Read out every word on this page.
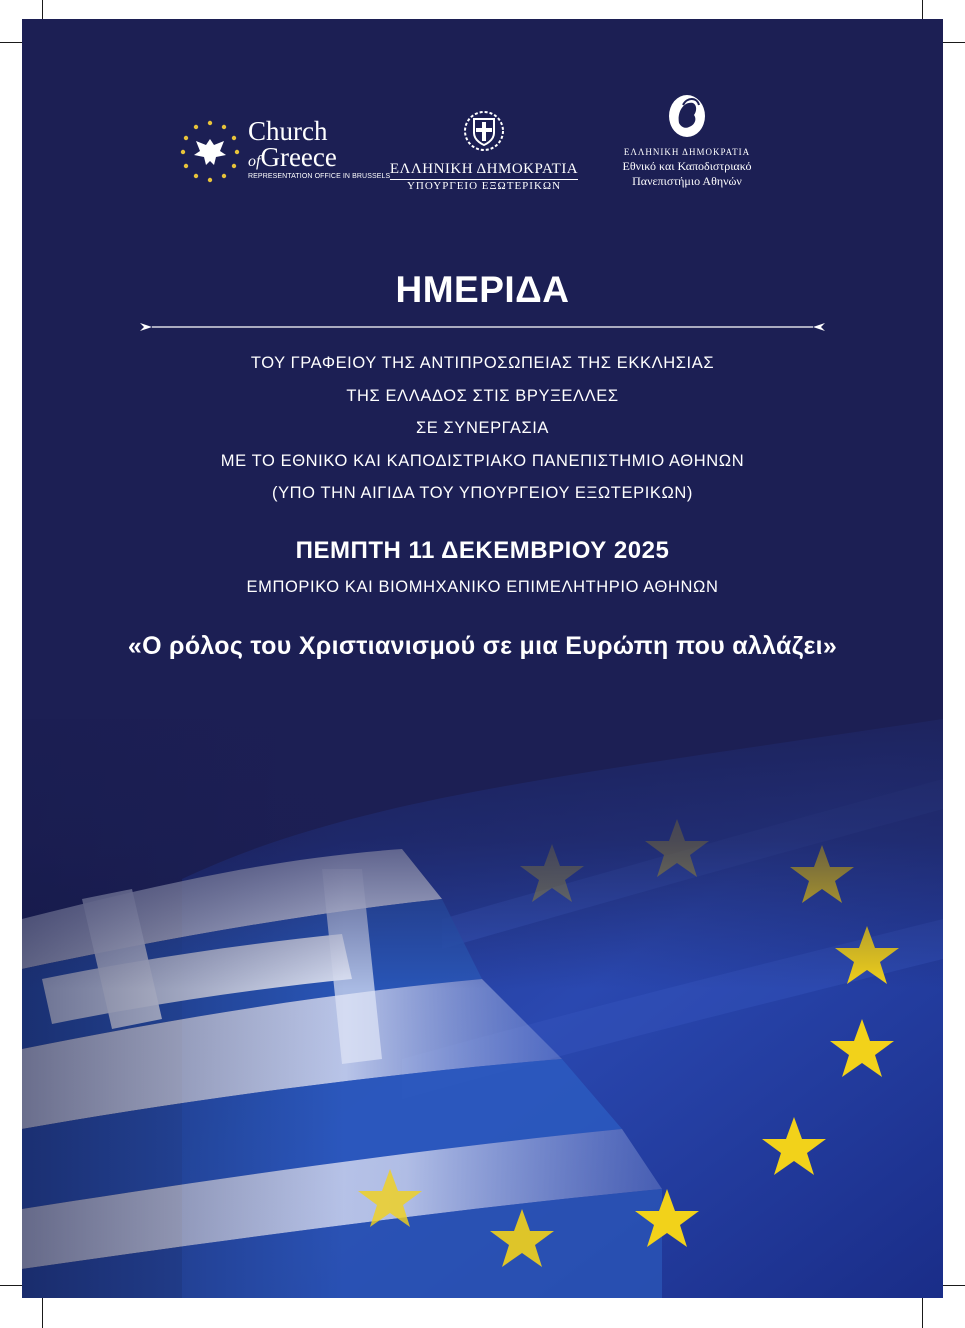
Church
ofGreece
REPRESENTATION OFFICE IN BRUSSELS ΕΛΛΗΝΙΚΗ ΔΗΜΟΚΡΑΤΙΑ
ΥΠΟΥΡΓΕΙΟ ΕΞΩΤΕΡΙΚΩΝ
ΕΛΛΗΝΙΚΗ ΔΗΜΟΚΡΑΤΙΑ
Εθνικό και Καποδιστριακό
Πανεπιστήμιο Αθηνών
ΗΜΕΡΙΔΑ
ΤΟΥ ΓΡΑΦΕΙΟΥ ΤΗΣ ΑΝΤΙΠΡΟΣΩΠΕΙΑΣ ΤΗΣ ΕΚΚΛΗΣΙΑΣ
ΤΗΣ ΕΛΛΑΔΟΣ ΣΤΙΣ ΒΡΥΞΕΛΛΕΣ
ΣΕ ΣΥΝΕΡΓΑΣΙΑ
ΜΕ ΤΟ ΕΘΝΙΚΟ ΚΑΙ ΚΑΠΟΔΙΣΤΡΙΑΚΟ ΠΑΝΕΠΙΣΤΗΜΙΟ ΑΘΗΝΩΝ
(ΥΠΟ ΤΗΝ ΑΙΓΙΔΑ ΤΟΥ ΥΠΟΥΡΓΕΙΟΥ ΕΞΩΤΕΡΙΚΩΝ)
ΠΕΜΠΤΗ 11 ΔΕΚΕΜΒΡΙΟΥ 2025
ΕΜΠΟΡΙΚΟ ΚΑΙ ΒΙΟΜΗΧΑΝΙΚΟ ΕΠΙΜΕΛΗΤΗΡΙΟ ΑΘΗΝΩΝ
«Ο ρόλος του Χριστιανισμού σε μια Ευρώπη που αλλάζει»
